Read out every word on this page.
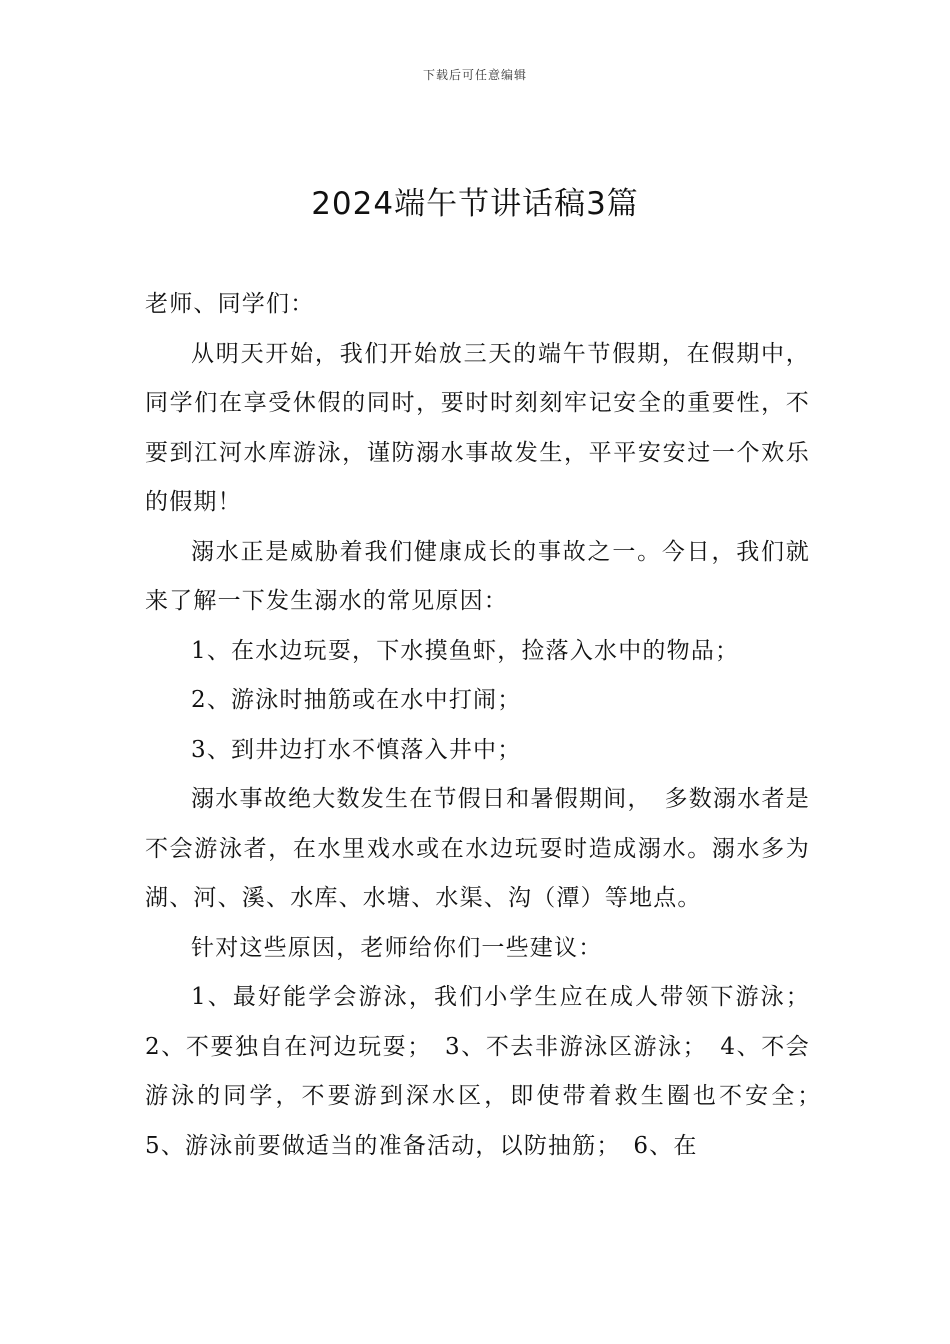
下载后可任意编辑
2024端午节讲话稿3篇

老师、同学们：

从明天开始，我们开始放三天的端午节假期，在假期中，同学们在享受休假的同时，要时时刻刻牢记安全的重要性，不要到江河水库游泳，谨防溺水事故发生，平平安安过一个欢乐的假期！

溺水正是威胁着我们健康成长的事故之一。今日，我们就来了解一下发生溺水的常见原因：

1、在水边玩耍，下水摸鱼虾，捡落入水中的物品；

2、游泳时抽筋或在水中打闹；

3、到井边打水不慎落入井中；

溺水事故绝大数发生在节假日和暑假期间，　多数溺水者是不会游泳者，在水里戏水或在水边玩耍时造成溺水。溺水多为湖、河、溪、水库、水塘、水渠、沟（潭）等地点。

针对这些原因，老师给你们一些建议：

1、最好能学会游泳，我们小学生应在成人带领下游泳；2、不要独自在河边玩耍；　3、不去非游泳区游泳；　4、不会游泳的同学，不要游到深水区，即使带着救生圈也不安全；　5、游泳前要做适当的准备活动，以防抽筋；　6、在
